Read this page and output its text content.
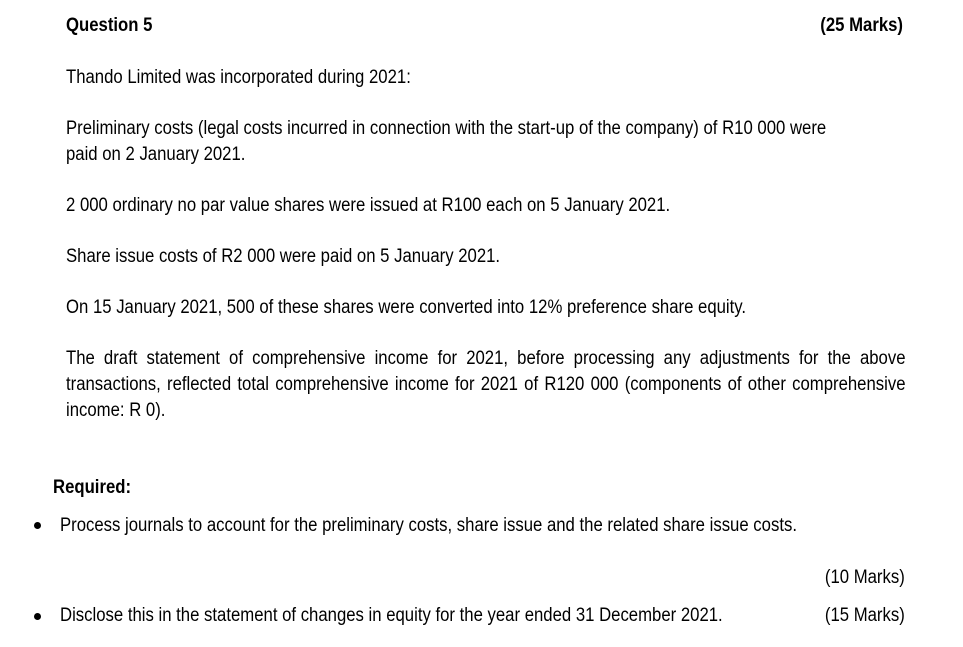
Question 5	(25 Marks)
Thando Limited was incorporated during 2021:
Preliminary costs (legal costs incurred in connection with the start-up of the company) of R10 000 were
paid on 2 January 2021.
2 000 ordinary no par value shares were issued at R100 each on 5 January 2021.
Share issue costs of R2 000 were paid on 5 January 2021.
On 15 January 2021, 500 of these shares were converted into 12% preference share equity.
The draft statement of comprehensive income for 2021, before processing any adjustments for the above transactions, reflected total comprehensive income for 2021 of R120 000 (components of other comprehensive income: R 0).
Required:
Process journals to account for the preliminary costs, share issue and the related share issue costs.
(10 Marks)
Disclose this in the statement of changes in equity for the year ended 31 December 2021.	(15 Marks)
